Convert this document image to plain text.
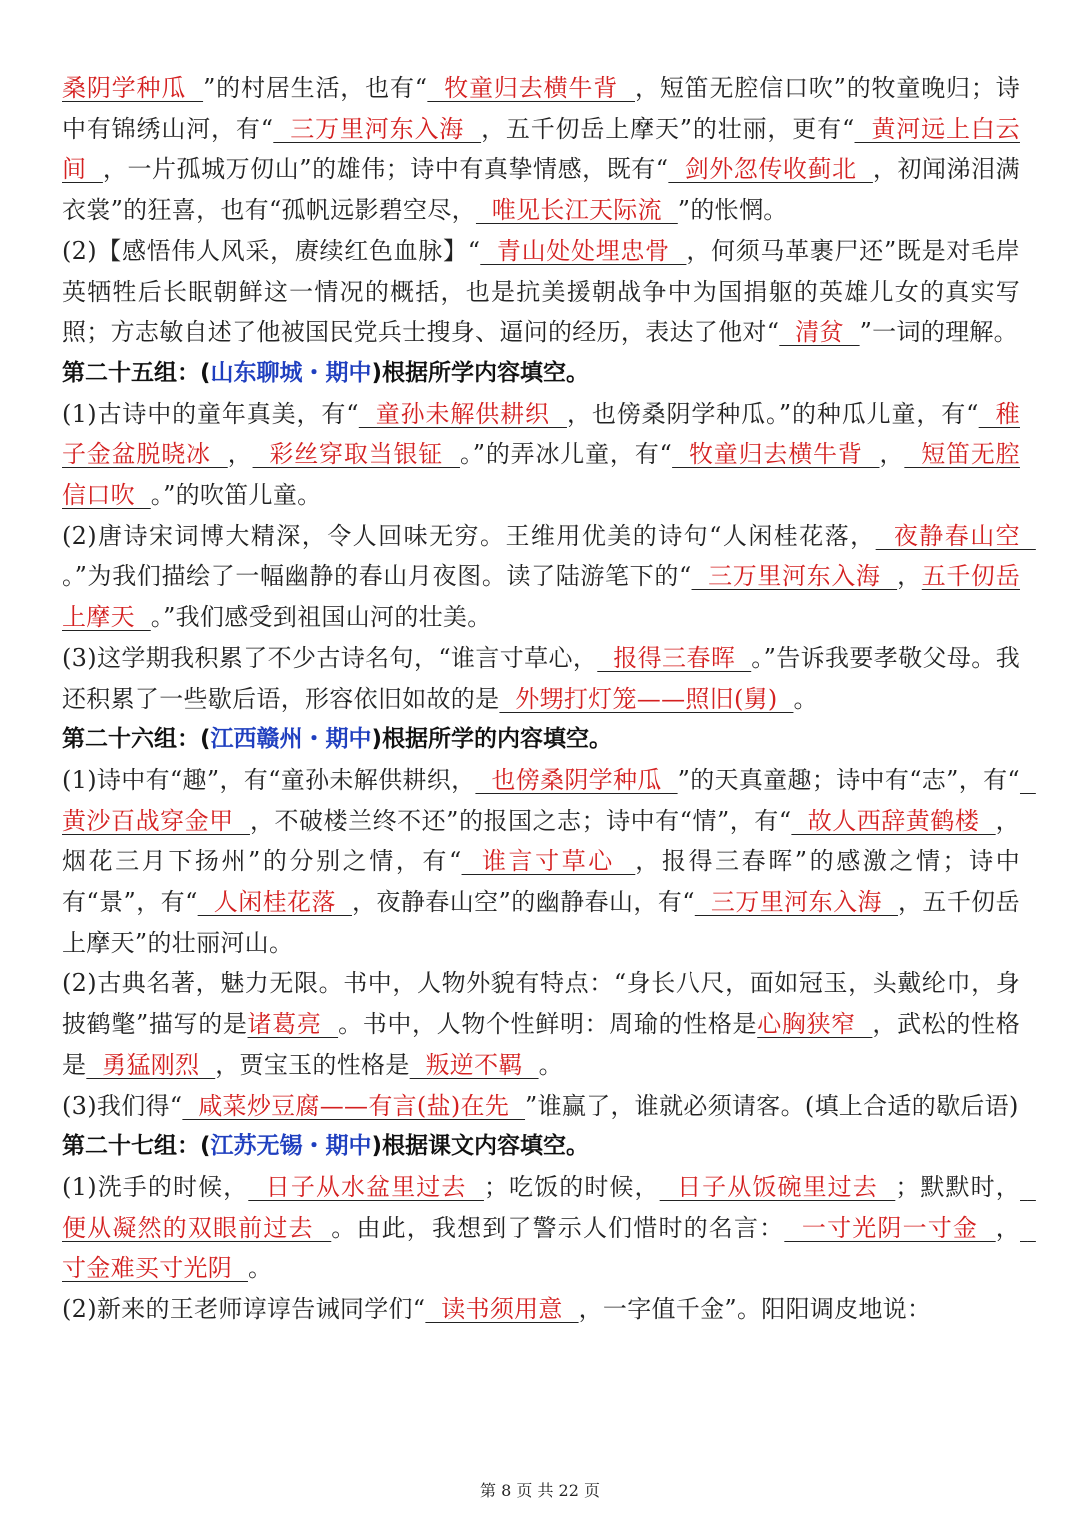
桑阴学种瓜  ”的村居生活，也有“  牧童归去横牛背  ，短笛无腔信口吹”的牧童晚归；诗中有锦绣山河，有“  三万里河东入海  ，五千仞岳上摩天”的壮丽，更有“  黄河远上白云间  ，一片孤城万仞山”的雄伟；诗中有真挚情感，既有“  剑外忽传收蓟北  ，初闻涕泪满衣裳”的狂喜，也有“孤帆远影碧空尽，  唯见长江天际流  ”的怅惘。

(2)【感悟伟人风采，赓续红色血脉】“  青山处处埋忠骨  ，何须马革裹尸还”既是对毛岸英牺牲后长眠朝鲜这一情况的概括，也是抗美援朝战争中为国捐躯的英雄儿女的真实写照；方志敏自述了他被国民党兵士搜身、逼问的经历，表达了他对“  清贫  ”一词的理解。

第二十五组：(山东聊城・期中)根据所学内容填空。

(1)古诗中的童年真美，有“  童孙未解供耕织  ，也傍桑阴学种瓜。”的种瓜儿童，有“  稚子金盆脱晓冰  ，  彩丝穿取当银钲  。”的弄冰儿童，有“  牧童归去横牛背  ，  短笛无腔信口吹  。”的吹笛儿童。

(2)唐诗宋词博大精深，令人回味无穷。王维用优美的诗句“人闲桂花落，  夜静春山空  。”为我们描绘了一幅幽静的春山月夜图。读了陆游笔下的“  三万里河东入海  ，五千仞岳上摩天  。”我们感受到祖国山河的壮美。

(3)这学期我积累了不少古诗名句，“谁言寸草心，  报得三春晖  。”告诉我要孝敬父母。我还积累了一些歇后语，形容依旧如故的是  外甥打灯笼——照旧(舅)  。

第二十六组：(江西赣州・期中)根据所学的内容填空。

(1)诗中有“趣”，有“童孙未解供耕织，  也傍桑阴学种瓜  ”的天真童趣；诗中有“志”，有“  黄沙百战穿金甲  ，不破楼兰终不还”的报国之志；诗中有“情”，有“  故人西辞黄鹤楼  ，烟花三月下扬州”的分别之情，有“  谁言寸草心  ，报得三春晖”的感激之情；诗中有“景”，有“  人闲桂花落  ，夜静春山空”的幽静春山，有“  三万里河东入海  ，五千仞岳上摩天”的壮丽河山。

(2)古典名著，魅力无限。书中，人物外貌有特点：“身长八尺，面如冠玉，头戴纶巾，身披鹤氅”描写的是诸葛亮  。书中，人物个性鲜明：周瑜的性格是心胸狭窄  ，武松的性格是  勇猛刚烈  ，贾宝玉的性格是  叛逆不羁  。

(3)我们得“  咸菜炒豆腐——有言(盐)在先  ”谁赢了，谁就必须请客。(填上合适的歇后语)

第二十七组：(江苏无锡・期中)根据课文内容填空。

(1)洗手的时候，  日子从水盆里过去  ；吃饭的时候，  日子从饭碗里过去  ；默默时，  便从凝然的双眼前过去  。由此，我想到了警示人们惜时的名言：  一寸光阴一寸金  ，  寸金难买寸光阴  。

(2)新来的王老师谆谆告诫同学们“  读书须用意  ，一字值千金”。阳阳调皮地说：

第 8 页 共 22 页
